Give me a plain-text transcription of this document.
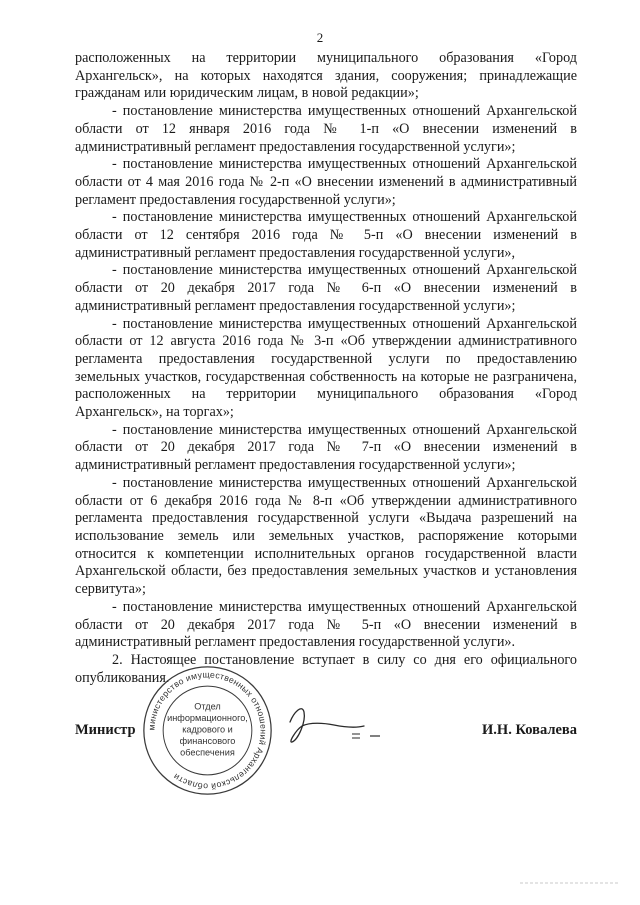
2

расположенных на территории муниципального образования «Город Архангельск», на которых находятся здания, сооружения; принадлежащие гражданам или юридическим лицам, в новой редакции»;

- постановление министерства имущественных отношений Архангельской области от 12 января 2016 года № 1-п «О внесении изменений в административный регламент предоставления государственной услуги»;

- постановление министерства имущественных отношений Архангельской области от 4 мая 2016 года № 2-п «О внесении изменений в административный регламент предоставления государственной услуги»;

- постановление министерства имущественных отношений Архангельской области от 12 сентября 2016 года № 5-п «О внесении изменений в административный регламент предоставления государственной услуги»,

- постановление министерства имущественных отношений Архангельской области от 20 декабря 2017 года № 6-п «О внесении изменений в административный регламент предоставления государственной услуги»;

- постановление министерства имущественных отношений Архангельской области от 12 августа 2016 года № 3-п «Об утверждении административного регламента предоставления государственной услуги по предоставлению земельных участков, государственная собственность на которые не разграничена, расположенных на территории муниципального образования «Город Архангельск», на торгах»;

- постановление министерства имущественных отношений Архангельской области от 20 декабря 2017 года № 7-п «О внесении изменений в административный регламент предоставления государственной услуги»;

- постановление министерства имущественных отношений Архангельской области от 6 декабря 2016 года № 8-п «Об утверждении административного регламента предоставления государственной услуги «Выдача разрешений на использование земель или земельных участков, распоряжение которыми относится к компетенции исполнительных органов государственной власти Архангельской области, без предоставления земельных участков и установления сервитута»;

- постановление министерства имущественных отношений Архангельской области от 20 декабря 2017 года № 5-п «О внесении изменений в административный регламент предоставления государственной услуги».

2. Настоящее постановление вступает в силу со дня его официального опубликования.

Министр	И.Н. Ковалева
министерство имущественных отношений Архангельской области
Отдел
информационного,
кадрового и
финансового
обеспечения
